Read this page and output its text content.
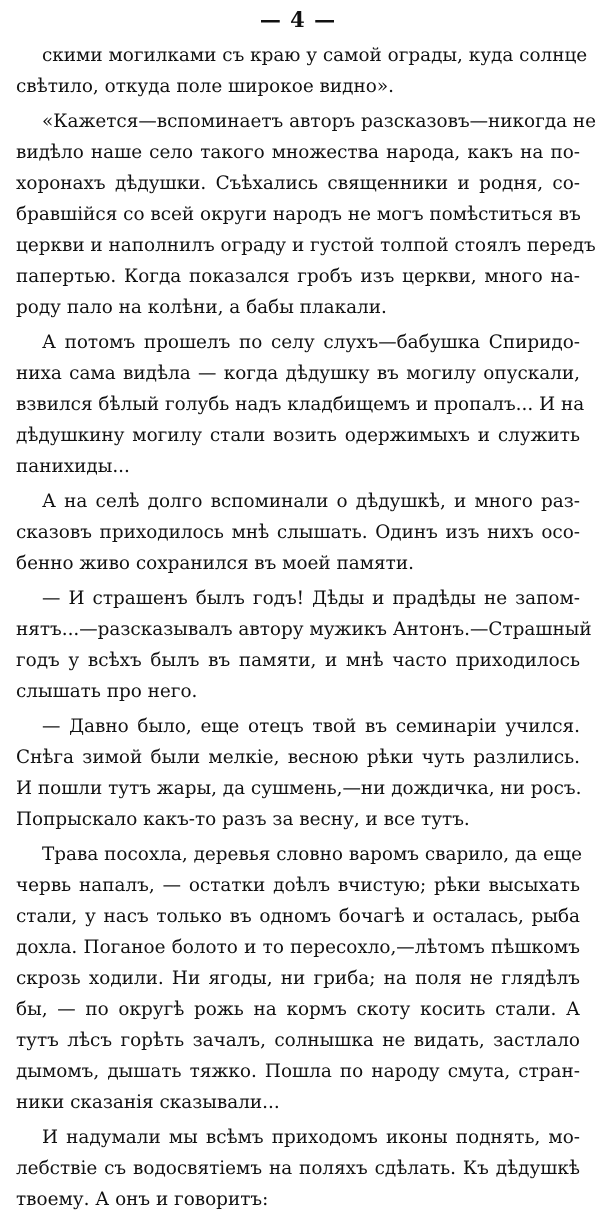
— 4 —

скими могилками съ краю у самой ограды, куда солнце
свѣтило, откуда поле широкое видно».

«Кажется—вспоминаетъ авторъ разсказовъ—никогда не
видѣло наше село такого множества народа, какъ на по-
хоронахъ дѣдушки. Съѣхались священники и родня, со-
бравшійся со всей округи народъ не могъ помѣститься въ
церкви и наполнилъ ограду и густой толпой стоялъ передъ
папертью. Когда показался гробъ изъ церкви, много на-
роду пало на колѣни, а бабы плакали.

А потомъ прошелъ по селу слухъ—бабушка Спиридо-
ниха сама видѣла — когда дѣдушку въ могилу опускали,
взвился бѣлый голубь надъ кладбищемъ и пропалъ... И на
дѣдушкину могилу стали возить одержимыхъ и служить
панихиды...

А на селѣ долго вспоминали о дѣдушкѣ, и много раз-
сказовъ приходилось мнѣ слышать. Одинъ изъ нихъ осо-
бенно живо сохранился въ моей памяти.

— И страшенъ былъ годъ! Дѣды и прадѣды не запом-
нятъ...—разсказывалъ автору мужикъ Антонъ.—Страшный
годъ у всѣхъ былъ въ памяти, и мнѣ часто приходилось
слышать про него.

— Давно было, еще отецъ твой въ семинаріи учился.
Снѣга зимой были мелкіе, весною рѣки чуть разлились.
И пошли тутъ жары, да сушмень,—ни дождичка, ни росъ.
Попрыскало какъ-то разъ за весну, и все тутъ.

Трава посохла, деревья словно варомъ сварило, да еще
червь напалъ, — остатки доѣлъ вчистую; рѣки высыхать
стали, у насъ только въ одномъ бочагѣ и осталась, рыба
дохла. Поганое болото и то пересохло,—лѣтомъ пѣшкомъ
скрозь ходили. Ни ягоды, ни гриба; на поля не глядѣлъ
бы, — по округѣ рожь на кормъ скоту косить стали. А
тутъ лѣсъ горѣть зачалъ, солнышка не видать, застлало
дымомъ, дышать тяжко. Пошла по народу смута, стран-
ники сказанія сказывали...

И надумали мы всѣмъ приходомъ иконы поднять, мо-
лебствіе съ водосвятіемъ на поляхъ сдѣлать. Къ дѣдушкѣ
твоему. А онъ и говоритъ:
